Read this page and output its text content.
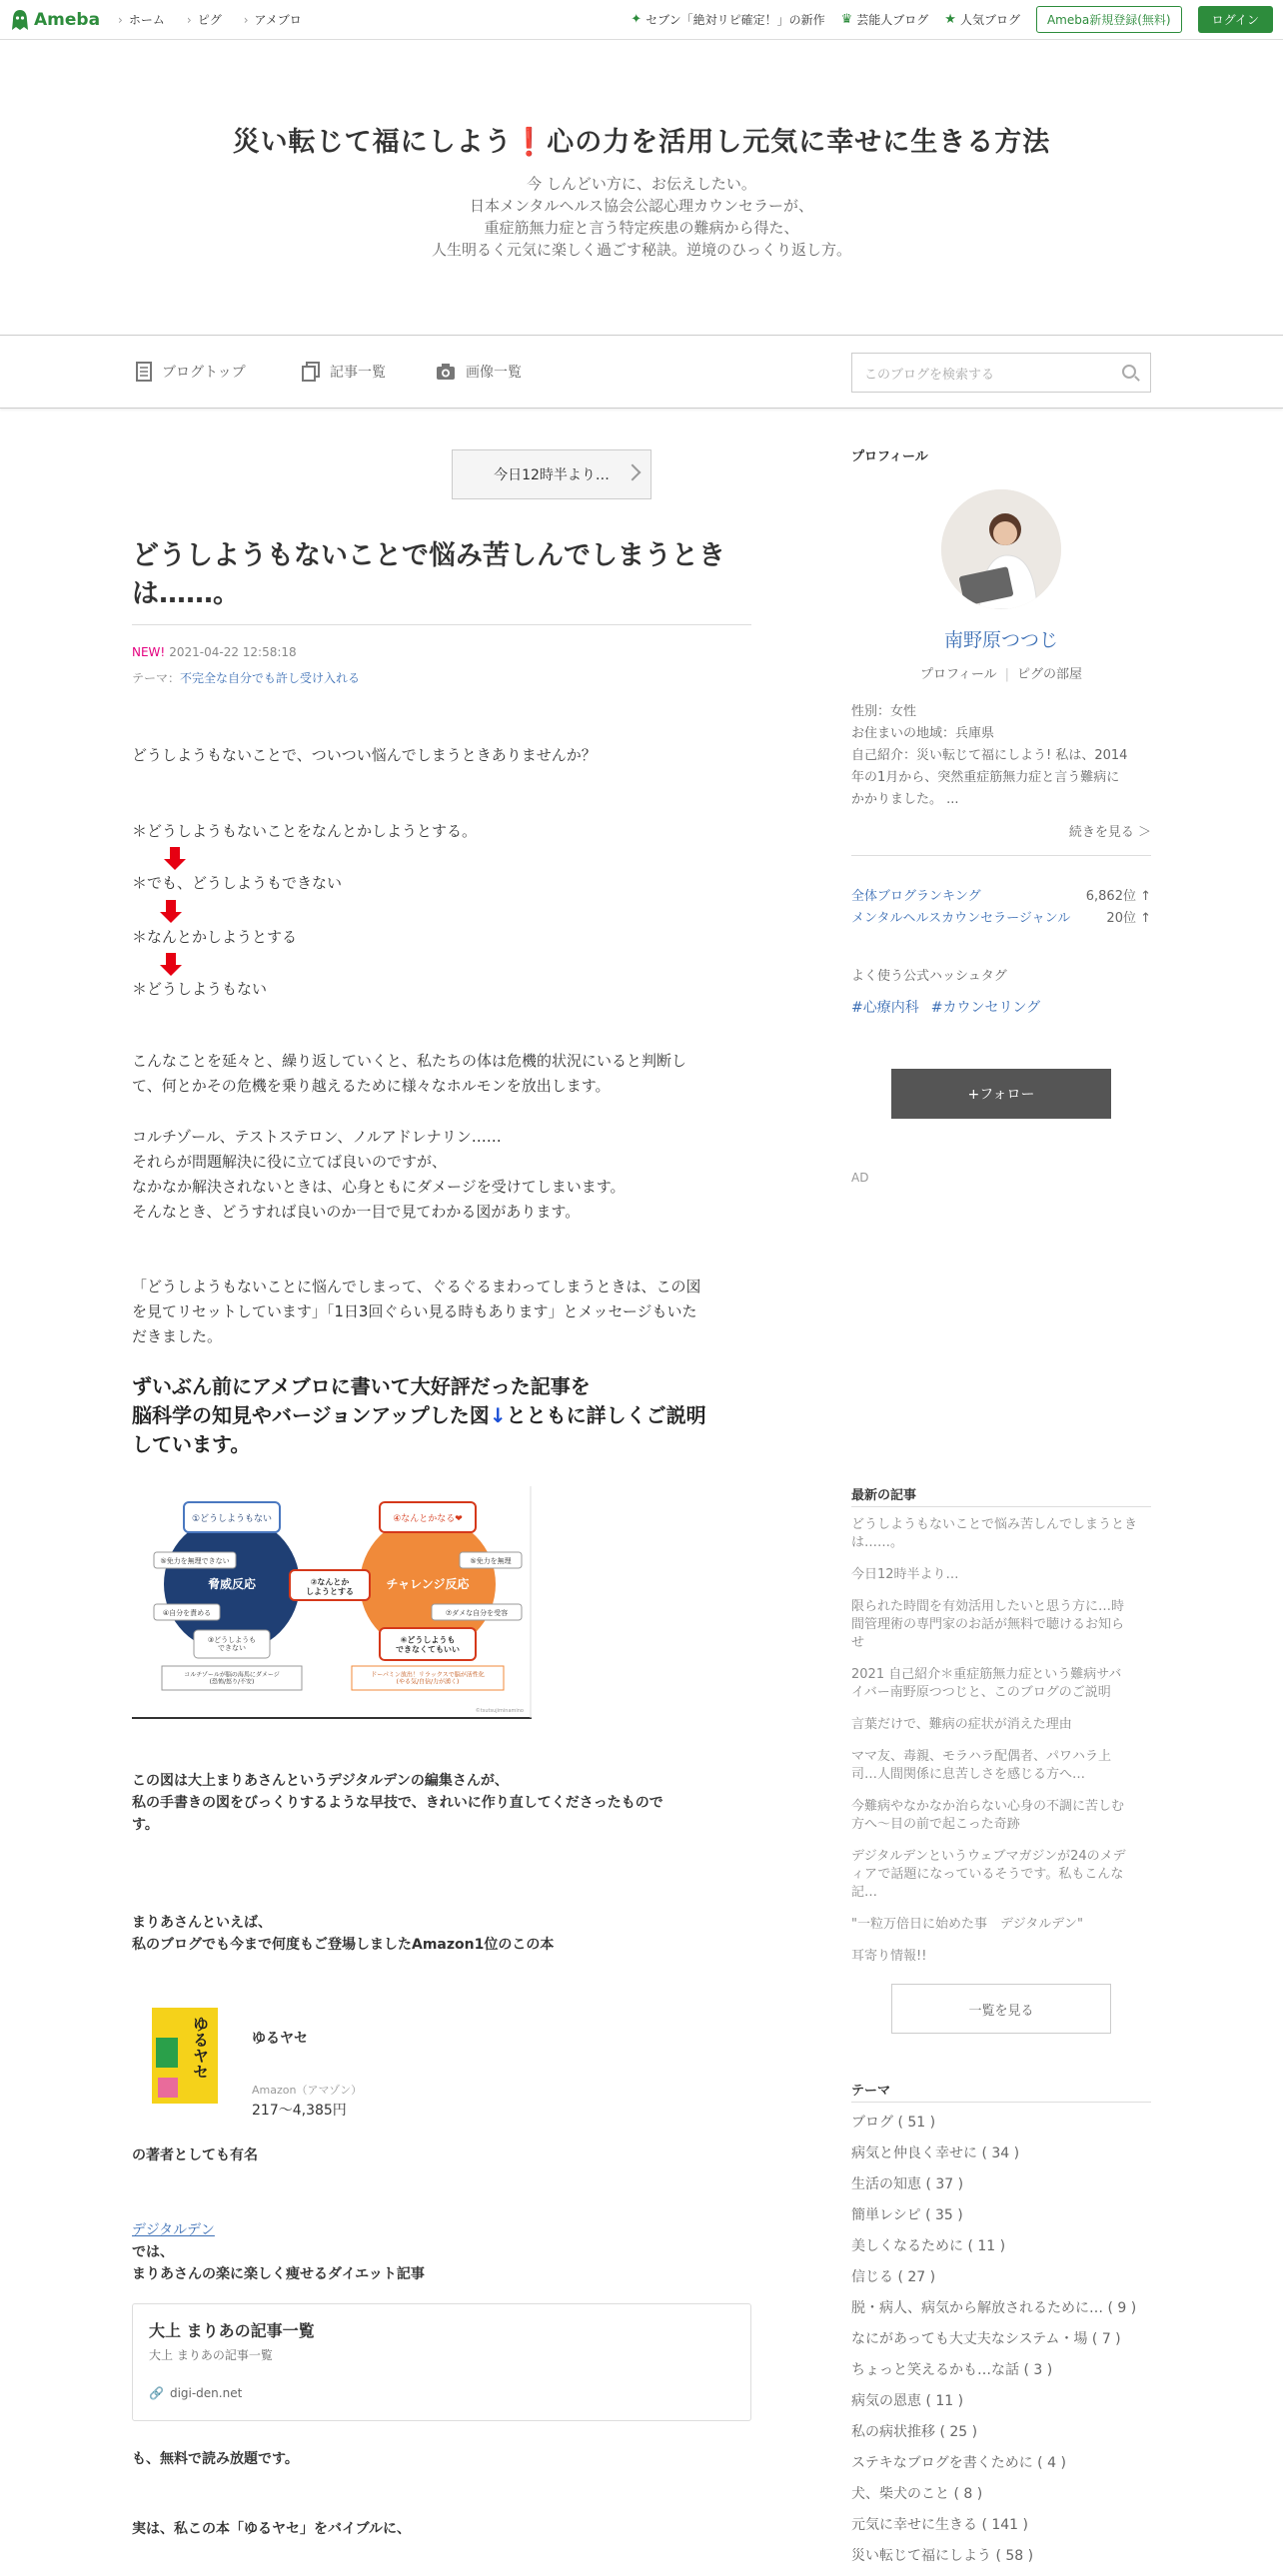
Ameba	› ホーム	› ピグ	› アメブロ	✦ セブン「絶対リピ確定！」の新作 ♛ 芸能人ブログ ★ 人気ブログ	Ameba新規登録(無料)	ログイン
災い転じて福にしよう❗心の力を活用し元気に幸せに生きる方法
今 しんどい方に、お伝えしたい。
日本メンタルヘルス協会公認心理カウンセラーが、
重症筋無力症と言う特定疾患の難病から得た、
人生明るく元気に楽しく過ごす秘訣。逆境のひっくり返し方。
ブログトップ	記事一覧	画像一覧	このブログを検索する
今日12時半より…
どうしようもないことで悩み苦しんでしまうときは……。
NEW! 2021-04-22 12:58:18
テーマ：不完全な自分でも許し受け入れる
どうしようもないことで、ついつい悩んでしまうときありませんか？
＊どうしようもないことをなんとかしようとする。
＊でも、どうしようもできない
＊なんとかしようとする
＊どうしようもない
こんなことを延々と、繰り返していくと、私たちの体は危機的状況にいると判断し
て、何とかその危機を乗り越えるために様々なホルモンを放出します。
コルチゾール、テストステロン、ノルアドレナリン……
それらが問題解決に役に立てば良いのですが、
なかなか解決されないときは、心身ともにダメージを受けてしまいます。
そんなとき、どうすれば良いのか一目で見てわかる図があります。
「どうしようもないことに悩んでしまって、ぐるぐるまわってしまうときは、この図
を見てリセットしています」「1日3回ぐらい見る時もあります」とメッセージもいた
だきました。
ずいぶん前にアメブロに書いて大好評だった記事を
脳科学の知見やバージョンアップした図↓とともに詳しくご説明
しています。
脅威反応
①どうしようもない
⑤免力を無理できない
④自分を責める
③どうしようもできない
コルチゾールが脳の海馬にダメージ(恐怖/怒り/不安)
チャレンジ反応
④なんとかなる❤
⑤免力を無理
⑦ダメな自分を受容
⑥どうしようもできなくてもいい
ドーパミン放出！リラックスで脳が活性化(やる気/自信/力が湧く)
②なんとかしようとする
©tsutsujiminamino
この図は大上まりあさんというデジタルデンの編集さんが、
私の手書きの図をびっくりするような早技で、きれいに作り直してくださったもので
す。
まりあさんといえば、
私のブログでも今まで何度もご登場しましたAmazon1位のこの本
ゆるヤセ	ゆるヤセ
Amazon（アマゾン）
217〜4,385円
の著者としても有名
デジタルデン
では、
まりあさんの楽に楽しく痩せるダイエット記事
大上 まりあの記事一覧
大上 まりあの記事一覧
🔗 digi-den.net
も、無料で読み放題です。
実は、私この本「ゆるヤセ」をバイブルに、
プロフィール
南野原つつじ
プロフィール | ピグの部屋
性別：女性
お住まいの地域：兵庫県
自己紹介：災い転じて福にしよう! 私は、2014
年の1月から、突然重症筋無力症と言う難病に
かかりました。 ...
続きを見る ＞
全体ブログランキング	6,862位 ↑
メンタルヘルスカウンセラージャンル	20位 ↑
よく使う公式ハッシュタグ
#心療内科 #カウンセリング
+フォロー
AD
最新の記事
どうしようもないことで悩み苦しんでしまうとき
は……。
今日12時半より…
限られた時間を有効活用したいと思う方に…時
間管理術の専門家のお話が無料で聴けるお知ら
せ
2021 自己紹介＊重症筋無力症という難病サバ
イバー南野原つつじと、このブログのご説明
言葉だけで、難病の症状が消えた理由
ママ友、毒親、モラハラ配偶者、パワハラ上
司…人間関係に息苦しさを感じる方へ…
今難病やなかなか治らない心身の不調に苦しむ
方へ〜目の前で起こった奇跡
デジタルデンというウェブマガジンが24のメデ
ィアで話題になっているそうです。私もこんな
記…
"一粒万倍日に始めた事　デジタルデン"
耳寄り情報!!
一覧を見る
テーマ
ブログ ( 51 )
病気と仲良く幸せに ( 34 )
生活の知恵 ( 37 )
簡単レシピ ( 35 )
美しくなるために ( 11 )
信じる ( 27 )
脱・病人、病気から解放されるために… ( 9 )
なにがあっても大丈夫なシステム・場 ( 7 )
ちょっと笑えるかも…な話 ( 3 )
病気の恩恵 ( 11 )
私の病状推移 ( 25 )
ステキなブログを書くために ( 4 )
犬、柴犬のこと ( 8 )
元気に幸せに生きる ( 141 )
災い転じて福にしよう ( 58 )
